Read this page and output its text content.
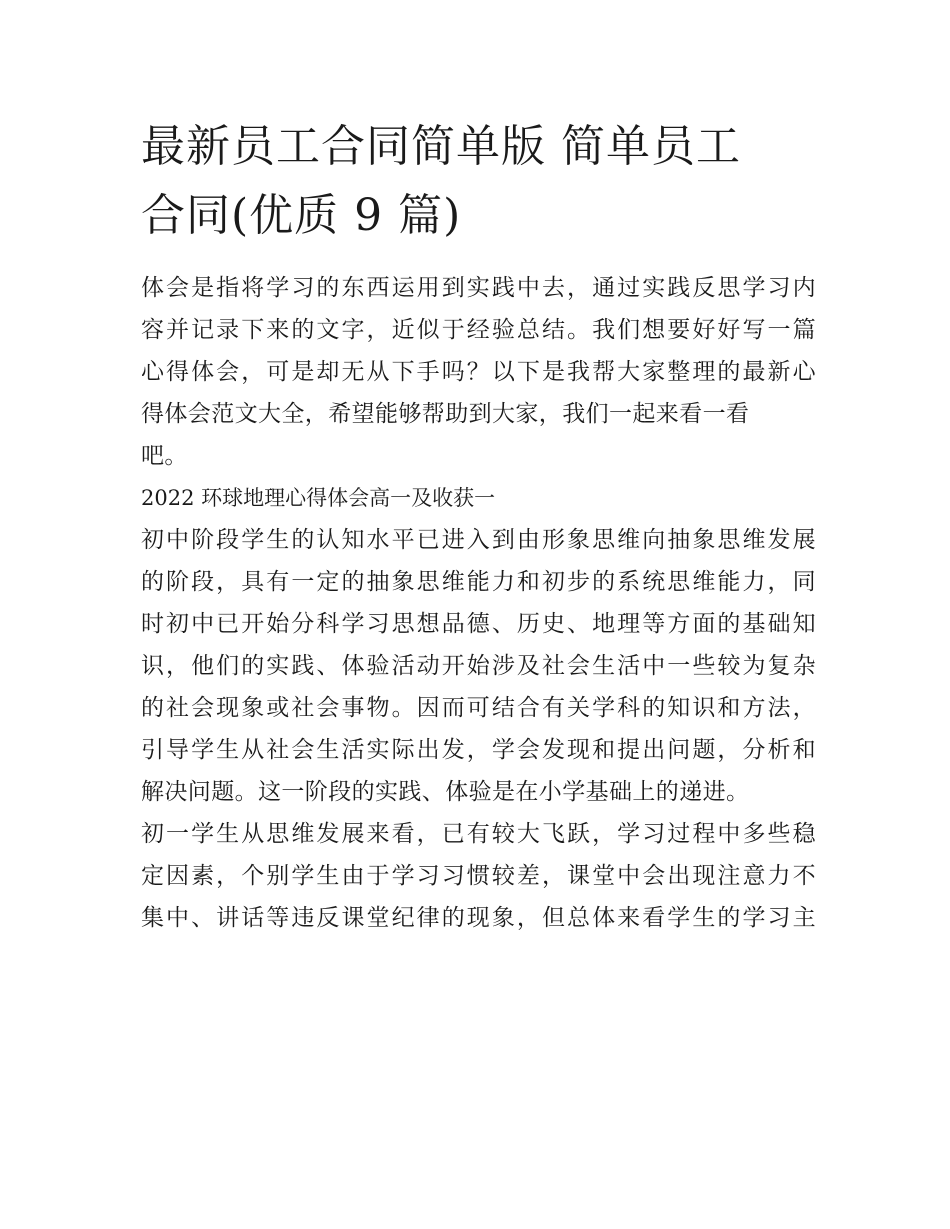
最新员工合同简单版 简单员工
合同(优质 9 篇)

体会是指将学习的东西运用到实践中去，通过实践反思学习内
容并记录下来的文字，近似于经验总结。我们想要好好写一篇
心得体会，可是却无从下手吗？以下是我帮大家整理的最新心
得体会范文大全，希望能够帮助到大家，我们一起来看一看
吧。

2022 环球地理心得体会高一及收获一

初中阶段学生的认知水平已进入到由形象思维向抽象思维发展
的阶段，具有一定的抽象思维能力和初步的系统思维能力，同
时初中已开始分科学习思想品德、历史、地理等方面的基础知
识，他们的实践、体验活动开始涉及社会生活中一些较为复杂
的社会现象或社会事物。因而可结合有关学科的知识和方法，
引导学生从社会生活实际出发，学会发现和提出问题，分析和
解决问题。这一阶段的实践、体验是在小学基础上的递进。

初一学生从思维发展来看，已有较大飞跃，学习过程中多些稳
定因素，个别学生由于学习习惯较差，课堂中会出现注意力不
集中、讲话等违反课堂纪律的现象，但总体来看学生的学习主
